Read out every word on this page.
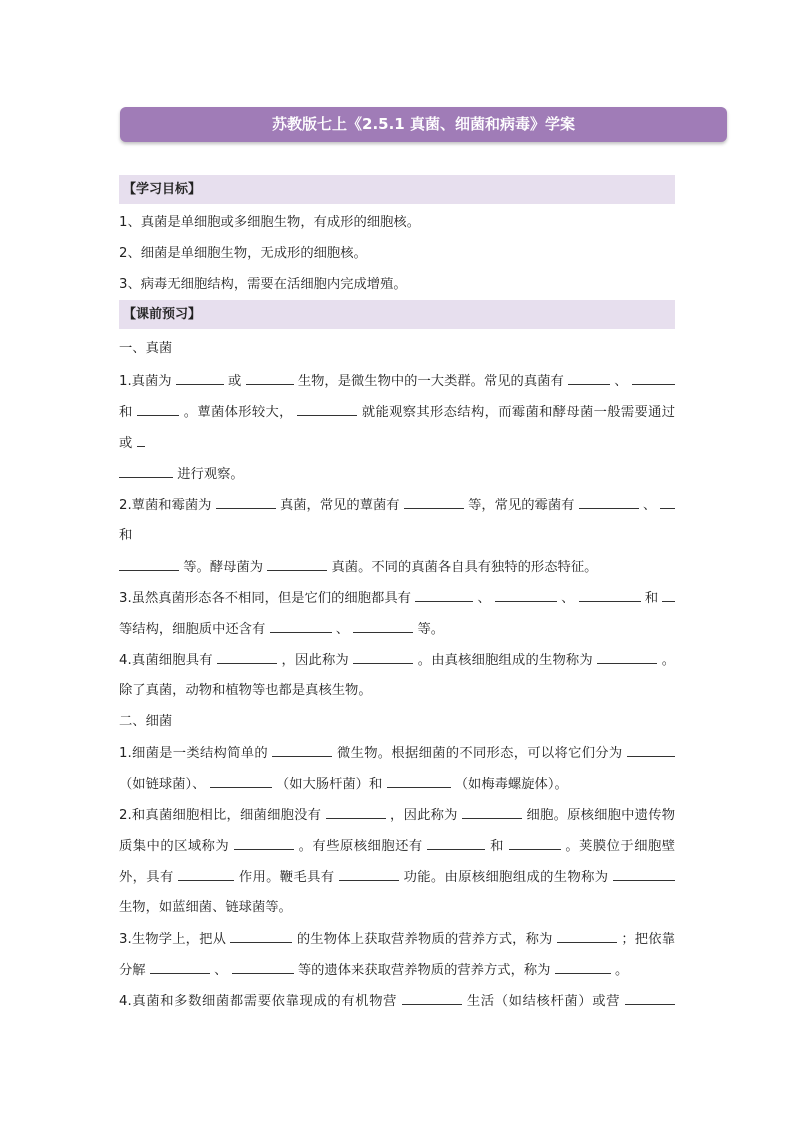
苏教版七上《2.5.1 真菌、细菌和病毒》学案
【学习目标】
1、真菌是单细胞或多细胞生物，有成形的细胞核。
2、细菌是单细胞生物，无成形的细胞核。
3、病毒无细胞结构，需要在活细胞内完成增殖。
【课前预习】
一、真菌
1.真菌为	或	生物，是微生物中的一大类群。常见的真菌有	、
和	。蕈菌体形较大，	就能观察其形态结构，而霉菌和酵母菌一般需要通过
或
进行观察。
2.蕈菌和霉菌为	真菌，常见的蕈菌有	等，常见的霉菌有	、
和
等。酵母菌为	真菌。不同的真菌各自具有独特的形态特征。
3.虽然真菌形态各不相同，但是它们的细胞都具有	、	、	和
等结构，细胞质中还含有	、	等。
4.真菌细胞具有	，因此称为	。由真核细胞组成的生物称为	。
除了真菌，动物和植物等也都是真核生物。
二、细菌
1.细菌是一类结构简单的	微生物。根据细菌的不同形态，可以将它们分为
（如链球菌）、	（如大肠杆菌）和	（如梅毒螺旋体）。
2.和真菌细胞相比，细菌细胞没有	，因此称为	细胞。原核细胞中遗传物
质集中的区域称为	。有些原核细胞还有	和	。荚膜位于细胞壁
外，具有	作用。鞭毛具有	功能。由原核细胞组成的生物称为
生物，如蓝细菌、链球菌等。
3.生物学上，把从	的生物体上获取营养物质的营养方式，称为	；把依靠
分解	、	等的遗体来获取营养物质的营养方式，称为	。
4.真菌和多数细菌都需要依靠现成的有机物营	生活（如结核杆菌）或营
